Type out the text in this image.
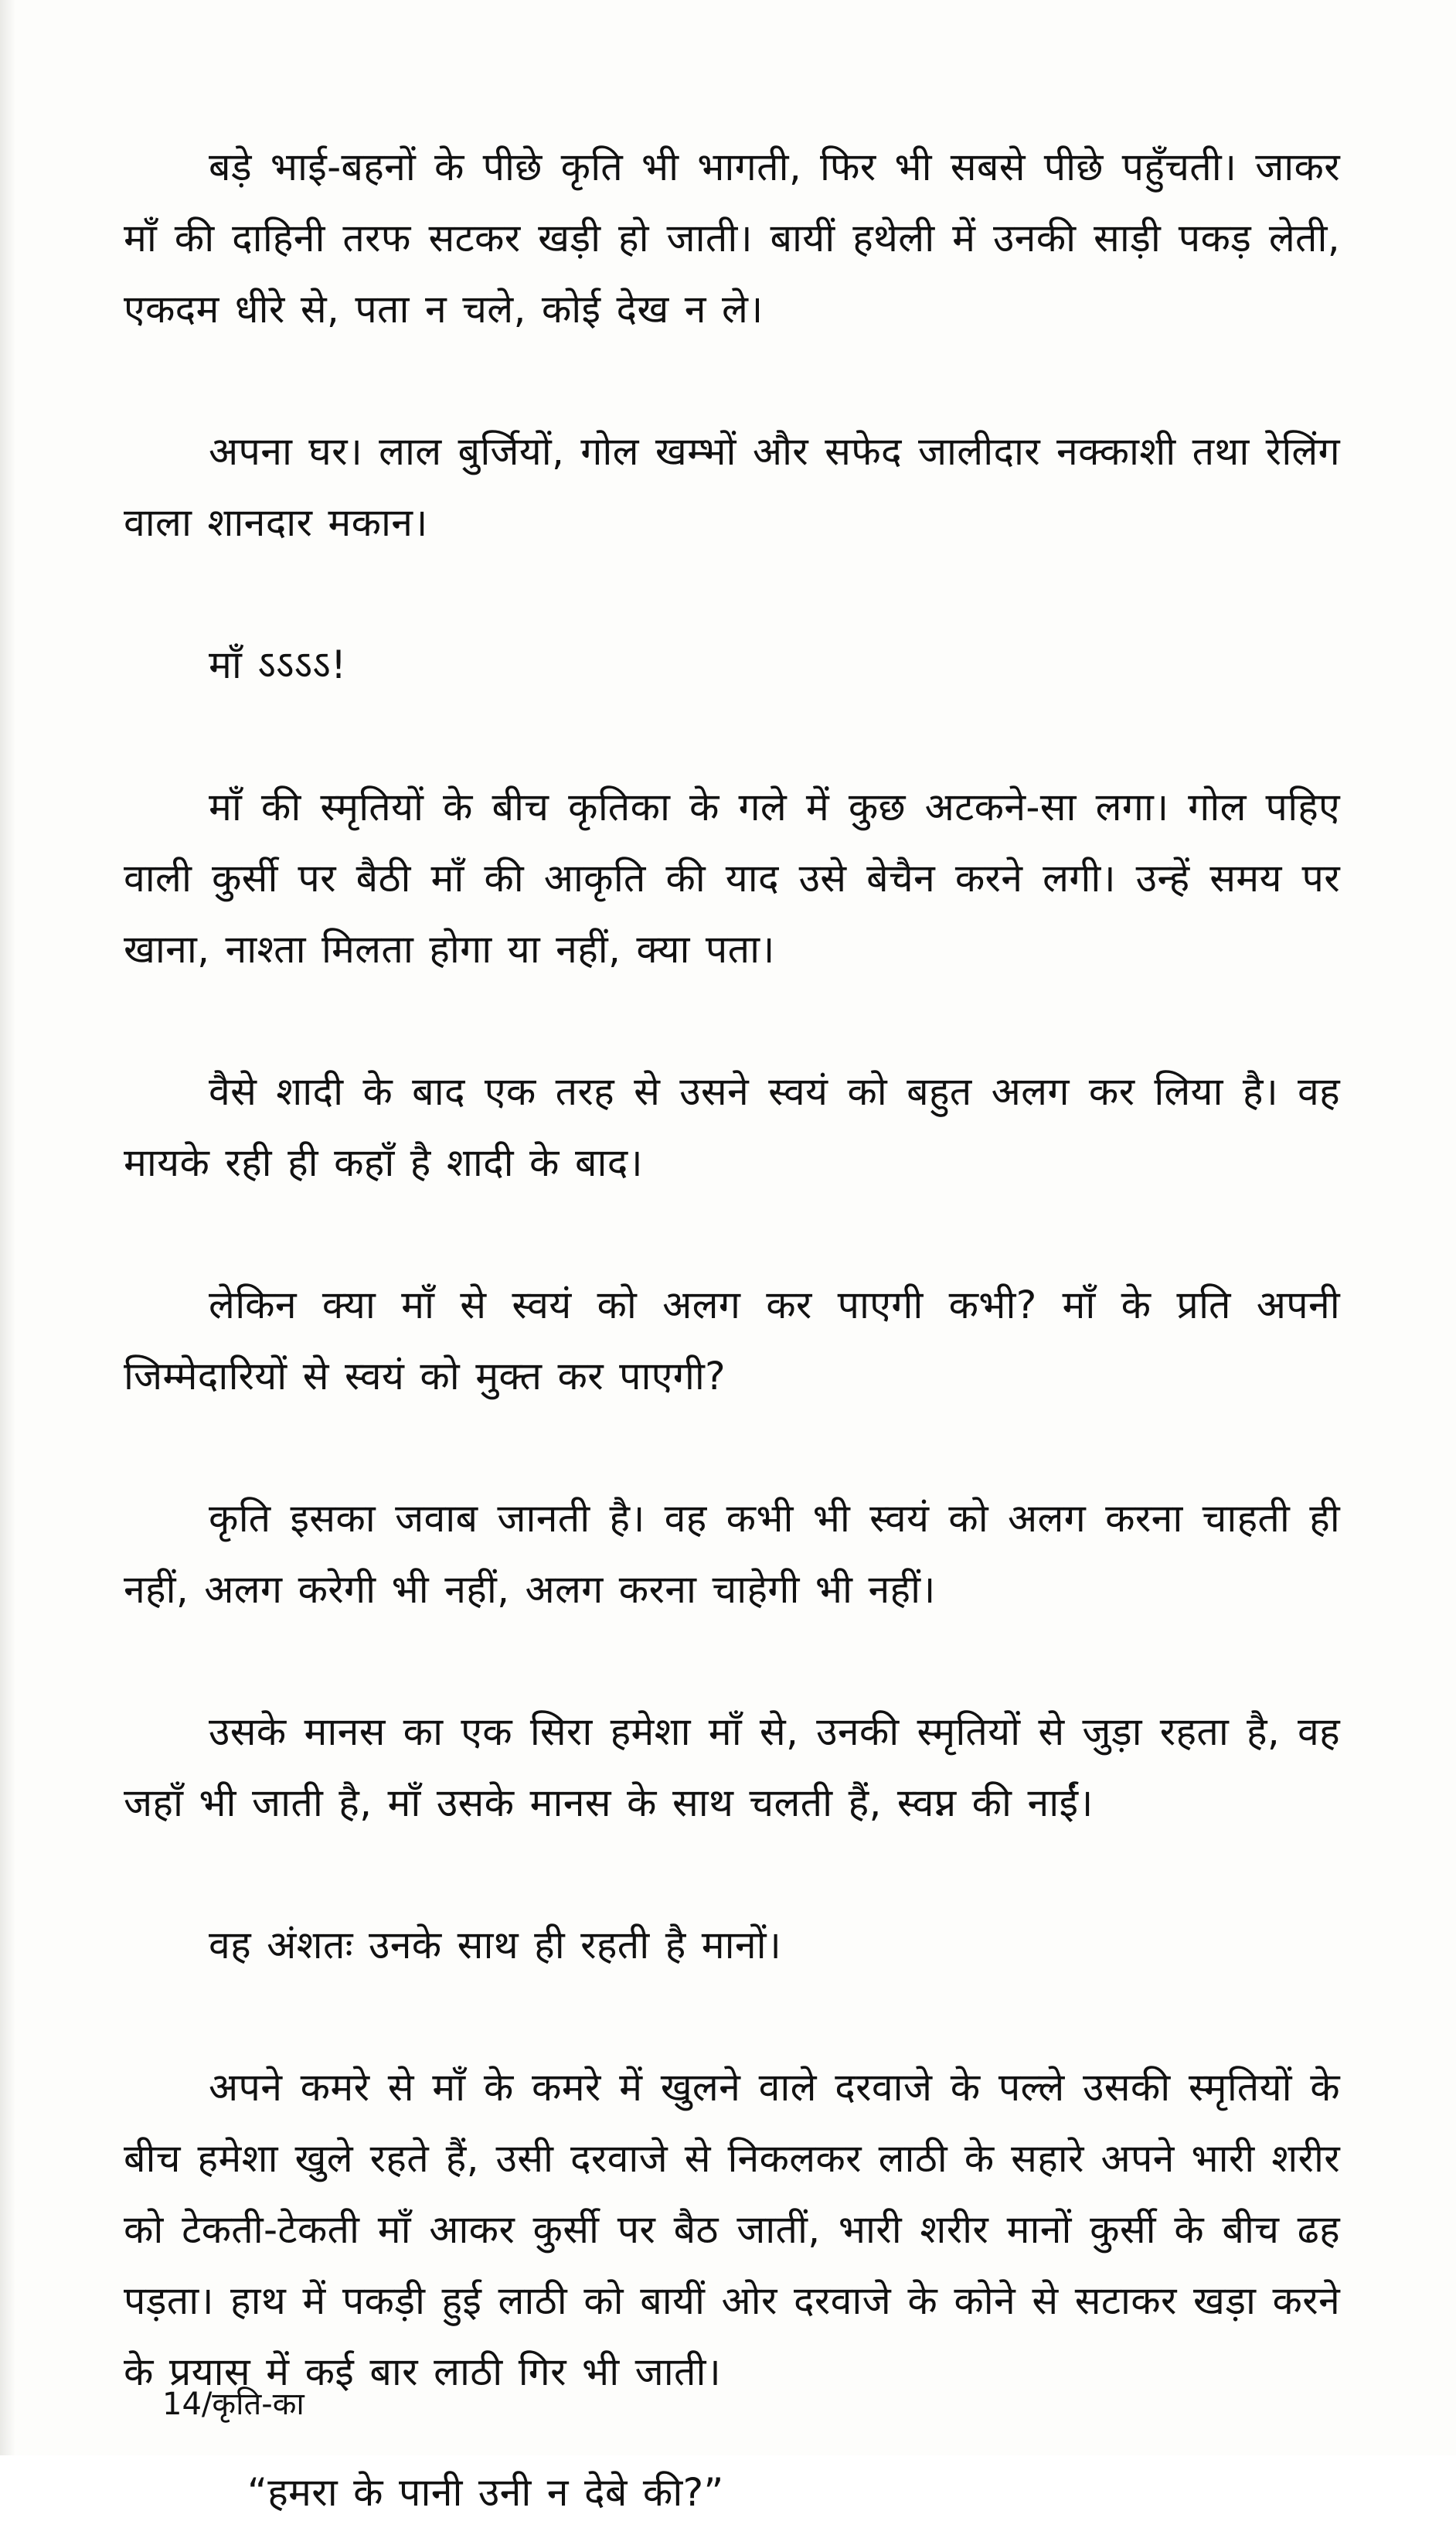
बड़े भाई-बहनों के पीछे कृति भी भागती, फिर भी सबसे पीछे पहुँचती। जाकर माँ की दाहिनी तरफ सटकर खड़ी हो जाती। बायीं हथेली में उनकी साड़ी पकड़ लेती, एकदम धीरे से, पता न चले, कोई देख न ले।

अपना घर। लाल बुर्जियों, गोल खम्भों और सफेद जालीदार नक्काशी तथा रेलिंग वाला शानदार मकान।

माँ ऽऽऽऽ!

माँ की स्मृतियों के बीच कृतिका के गले में कुछ अटकने-सा लगा। गोल पहिए वाली कुर्सी पर बैठी माँ की आकृति की याद उसे बेचैन करने लगी। उन्हें समय पर खाना, नाश्ता मिलता होगा या नहीं, क्या पता।

वैसे शादी के बाद एक तरह से उसने स्वयं को बहुत अलग कर लिया है। वह मायके रही ही कहाँ है शादी के बाद।

लेकिन क्या माँ से स्वयं को अलग कर पाएगी कभी? माँ के प्रति अपनी जिम्मेदारियों से स्वयं को मुक्त कर पाएगी?

कृति इसका जवाब जानती है। वह कभी भी स्वयं को अलग करना चाहती ही नहीं, अलग करेगी भी नहीं, अलग करना चाहेगी भी नहीं।

उसके मानस का एक सिरा हमेशा माँ से, उनकी स्मृतियों से जुड़ा रहता है, वह जहाँ भी जाती है, माँ उसके मानस के साथ चलती हैं, स्वप्न की नाईं।

वह अंशतः उनके साथ ही रहती है मानों।

अपने कमरे से माँ के कमरे में खुलने वाले दरवाजे के पल्ले उसकी स्मृतियों के बीच हमेशा खुले रहते हैं, उसी दरवाजे से निकलकर लाठी के सहारे अपने भारी शरीर को टेकती-टेकती माँ आकर कुर्सी पर बैठ जातीं, भारी शरीर मानों कुर्सी के बीच ढह पड़ता। हाथ में पकड़ी हुई लाठी को बायीं ओर दरवाजे के कोने से सटाकर खड़ा करने के प्रयास में कई बार लाठी गिर भी जाती।

“हमरा के पानी उनी न देबे की?”

14/कृति-का
